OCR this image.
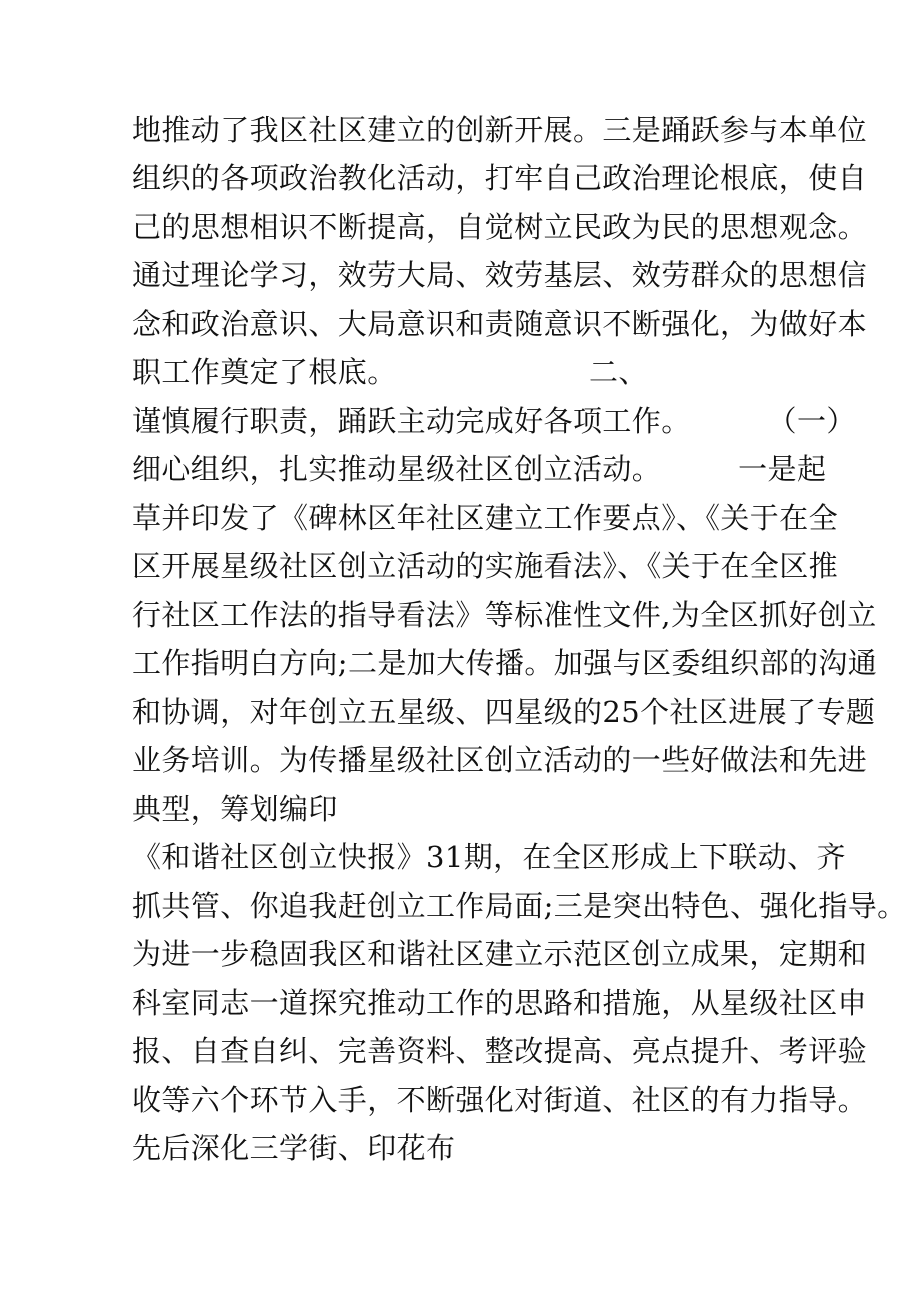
地推动了我区社区建立的创新开展。三是踊跃参与本单位
组织的各项政治教化活动，打牢自己政治理论根底，使自
己的思想相识不断提高，自觉树立民政为民的思想观念。
通过理论学习，效劳大局、效劳基层、效劳群众的思想信
念和政治意识、大局意识和责随意识不断强化，为做好本
职工作奠定了根底。                    二、
谨慎履行职责，踊跃主动完成好各项工作。        （一）
细心组织，扎实推动星级社区创立活动。        一是起
草并印发了《碑林区年社区建立工作要点》、《关于在全
区开展星级社区创立活动的实施看法》、《关于在全区推
行社区工作法的指导看法》等标准性文件,为全区抓好创立
工作指明白方向;二是加大传播。加强与区委组织部的沟通
和协调，对年创立五星级、四星级的25个社区进展了专题
业务培训。为传播星级社区创立活动的一些好做法和先进
典型，筹划编印
《和谐社区创立快报》31期，在全区形成上下联动、齐
抓共管、你追我赶创立工作局面;三是突出特色、强化指导。
为进一步稳固我区和谐社区建立示范区创立成果，定期和
科室同志一道探究推动工作的思路和措施，从星级社区申
报、自查自纠、完善资料、整改提高、亮点提升、考评验
收等六个环节入手，不断强化对街道、社区的有力指导。
先后深化三学街、印花布
